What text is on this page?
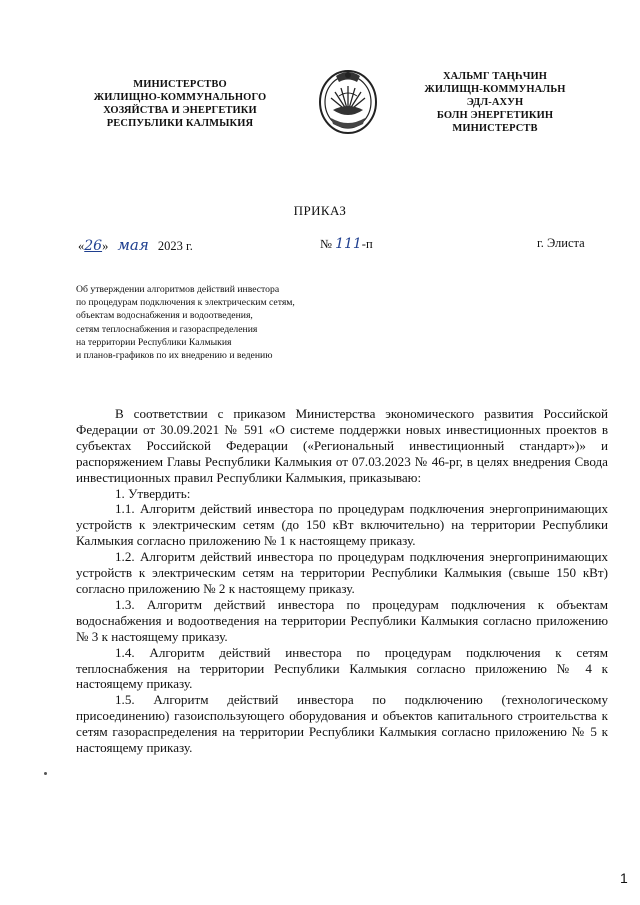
МИНИСТЕРСТВО
ЖИЛИЩНО-КОММУНАЛЬНОГО
ХОЗЯЙСТВА И ЭНЕРГЕТИКИ
РЕСПУБЛИКИ КАЛМЫКИЯ
ХАЛЬМГ ТАҢҺЧИН
ЖИЛИЩН-КОММУНАЛЬН
ЭДЛ-АХУН
БОЛН ЭНЕРГЕТИКИН
МИНИСТЕРСТВ
ПРИКАЗ
«26» мая 2023 г.	№ 111-п	г. Элиста
Об утверждении алгоритмов действий инвестора
по процедурам подключения к электрическим сетям,
объектам водоснабжения и водоотведения,
сетям теплоснабжения и газораспределения
на территории Республики Калмыкия
и планов-графиков по их внедрению и ведению

В соответствии с приказом Министерства экономического развития Российской Федерации от 30.09.2021 № 591 «О системе поддержки новых инвестиционных проектов в субъектах Российской Федерации («Региональный инвестиционный стандарт»)» и распоряжением Главы Республики Калмыкия от 07.03.2023 № 46-рг, в целях внедрения Свода инвестиционных правил Республики Калмыкия, приказываю:

1. Утвердить:

1.1. Алгоритм действий инвестора по процедурам подключения энергопринимающих устройств к электрическим сетям (до 150 кВт включительно) на территории Республики Калмыкия согласно приложению № 1 к настоящему приказу.

1.2. Алгоритм действий инвестора по процедурам подключения энергопринимающих устройств к электрическим сетям на территории Республики Калмыкия (свыше 150 кВт) согласно приложению № 2 к настоящему приказу.

1.3. Алгоритм действий инвестора по процедурам подключения к объектам водоснабжения и водоотведения на территории Республики Калмыкия согласно приложению № 3 к настоящему приказу.

1.4. Алгоритм действий инвестора по процедурам подключения к сетям теплоснабжения на территории Республики Калмыкия согласно приложению № 4 к настоящему приказу.

1.5. Алгоритм действий инвестора по подключению (технологическому присоединению) газоиспользующего оборудования и объектов капитального строительства к сетям газораспределения на территории Республики Калмыкия согласно приложению № 5 к настоящему приказу.

1
